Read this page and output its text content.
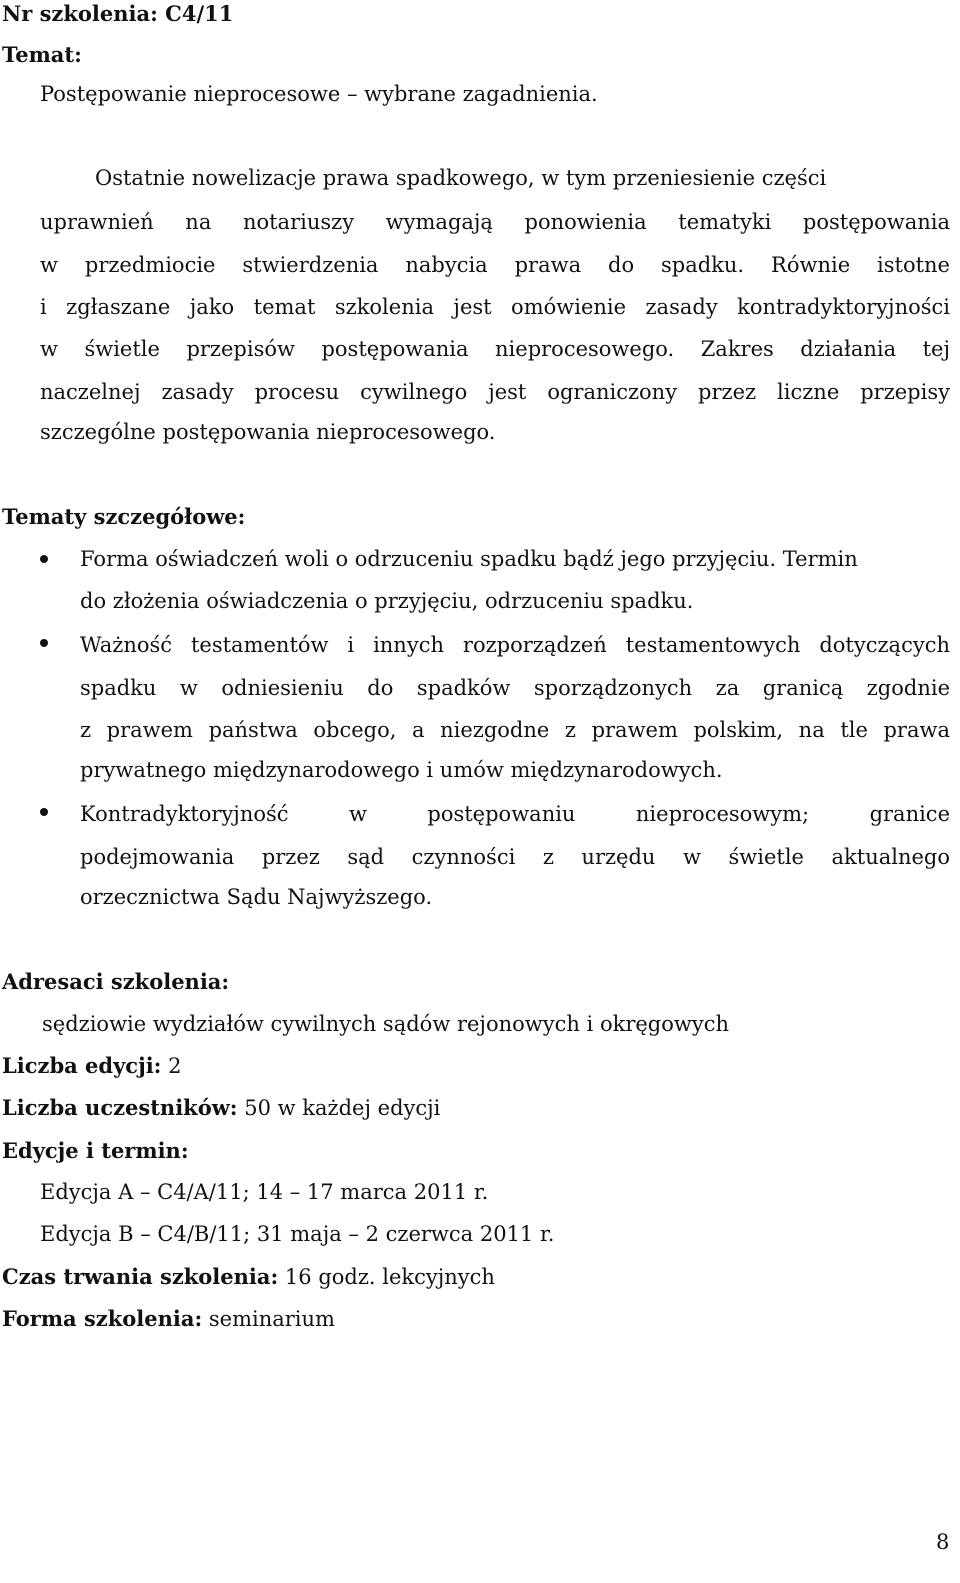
Nr szkolenia: C4/11
Temat:
Postępowanie nieprocesowe – wybrane zagadnienia.
Ostatnie nowelizacje prawa spadkowego, w tym przeniesienie części
uprawnień na notariuszy wymagają ponowienia tematyki postępowania
w przedmiocie stwierdzenia nabycia prawa do spadku. Równie istotne
i zgłaszane jako temat szkolenia jest omówienie zasady kontradyktoryjności
w świetle przepisów postępowania nieprocesowego. Zakres działania tej
naczelnej zasady procesu cywilnego jest ograniczony przez liczne przepisy
szczególne postępowania nieprocesowego.
Tematy szczegółowe:
Forma oświadczeń woli o odrzuceniu spadku bądź jego przyjęciu. Termin
do złożenia oświadczenia o przyjęciu, odrzuceniu spadku.
Ważność testamentów i innych rozporządzeń testamentowych dotyczących
spadku w odniesieniu do spadków sporządzonych za granicą zgodnie
z prawem państwa obcego, a niezgodne z prawem polskim, na tle prawa
prywatnego międzynarodowego i umów międzynarodowych.
Kontradyktoryjność w postępowaniu nieprocesowym; granice
podejmowania przez sąd czynności z urzędu w świetle aktualnego
orzecznictwa Sądu Najwyższego.
Adresaci szkolenia:
sędziowie wydziałów cywilnych sądów rejonowych i okręgowych
Liczba edycji: 2
Liczba uczestników: 50 w każdej edycji
Edycje i termin:
Edycja A – C4/A/11; 14 – 17 marca 2011 r.
Edycja B – C4/B/11; 31 maja – 2 czerwca 2011 r.
Czas trwania szkolenia: 16 godz. lekcyjnych
Forma szkolenia: seminarium
8
